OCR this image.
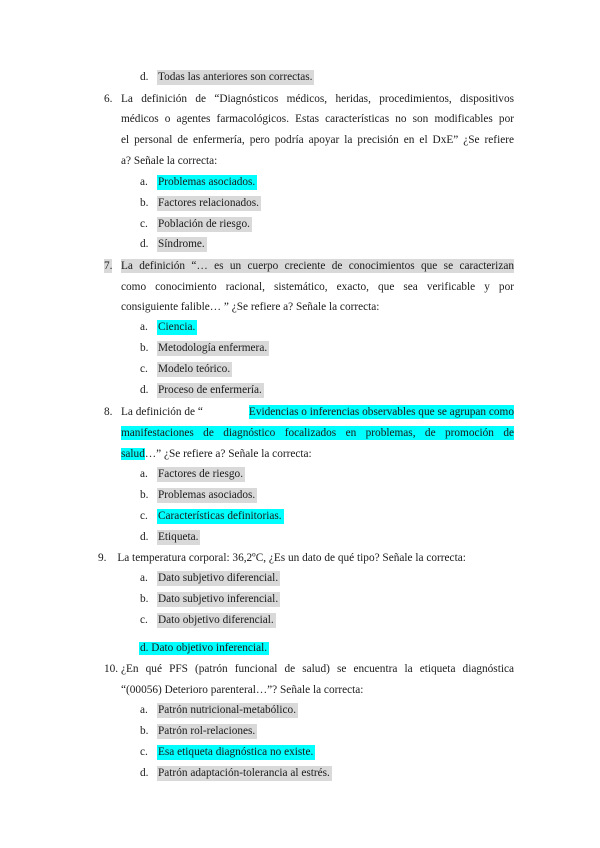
d. Todas las anteriores son correctas.
6. La definición de “Diagnósticos médicos, heridas, procedimientos, dispositivos
médicos o agentes farmacológicos. Estas características no son modificables por
el personal de enfermería, pero podría apoyar la precisión en el DxE” ¿Se refiere
a? Señale la correcta:
a. Problemas asociados.
b. Factores relacionados.
c. Población de riesgo.
d. Síndrome.
7. La definición “… es un cuerpo creciente de conocimientos que se caracterizan
como conocimiento racional, sistemático, exacto, que sea verificable y por
consiguiente falible… ” ¿Se refiere a? Señale la correcta:
a. Ciencia.
b. Metodología enfermera.
c. Modelo teórico.
d. Proceso de enfermería.
8. La definición de “	Evidencias o inferencias observables que se agrupan como
manifestaciones de diagnóstico focalizados en problemas, de promoción de
salud…” ¿Se refiere a? Señale la correcta:
a. Factores de riesgo.
b. Problemas asociados.
c. Características definitorias.
d. Etiqueta.
9. La temperatura corporal: 36,2ºC, ¿Es un dato de qué tipo? Señale la correcta:
a. Dato subjetivo diferencial.
b. Dato subjetivo inferencial.
c. Dato objetivo diferencial.
d. Dato objetivo inferencial.
10. ¿En qué PFS (patrón funcional de salud) se encuentra la etiqueta diagnóstica
“(00056) Deterioro parenteral…”? Señale la correcta:
a. Patrón nutricional-metabólico.
b. Patrón rol-relaciones.
c. Esa etiqueta diagnóstica no existe.
d. Patrón adaptación-tolerancia al estrés.
